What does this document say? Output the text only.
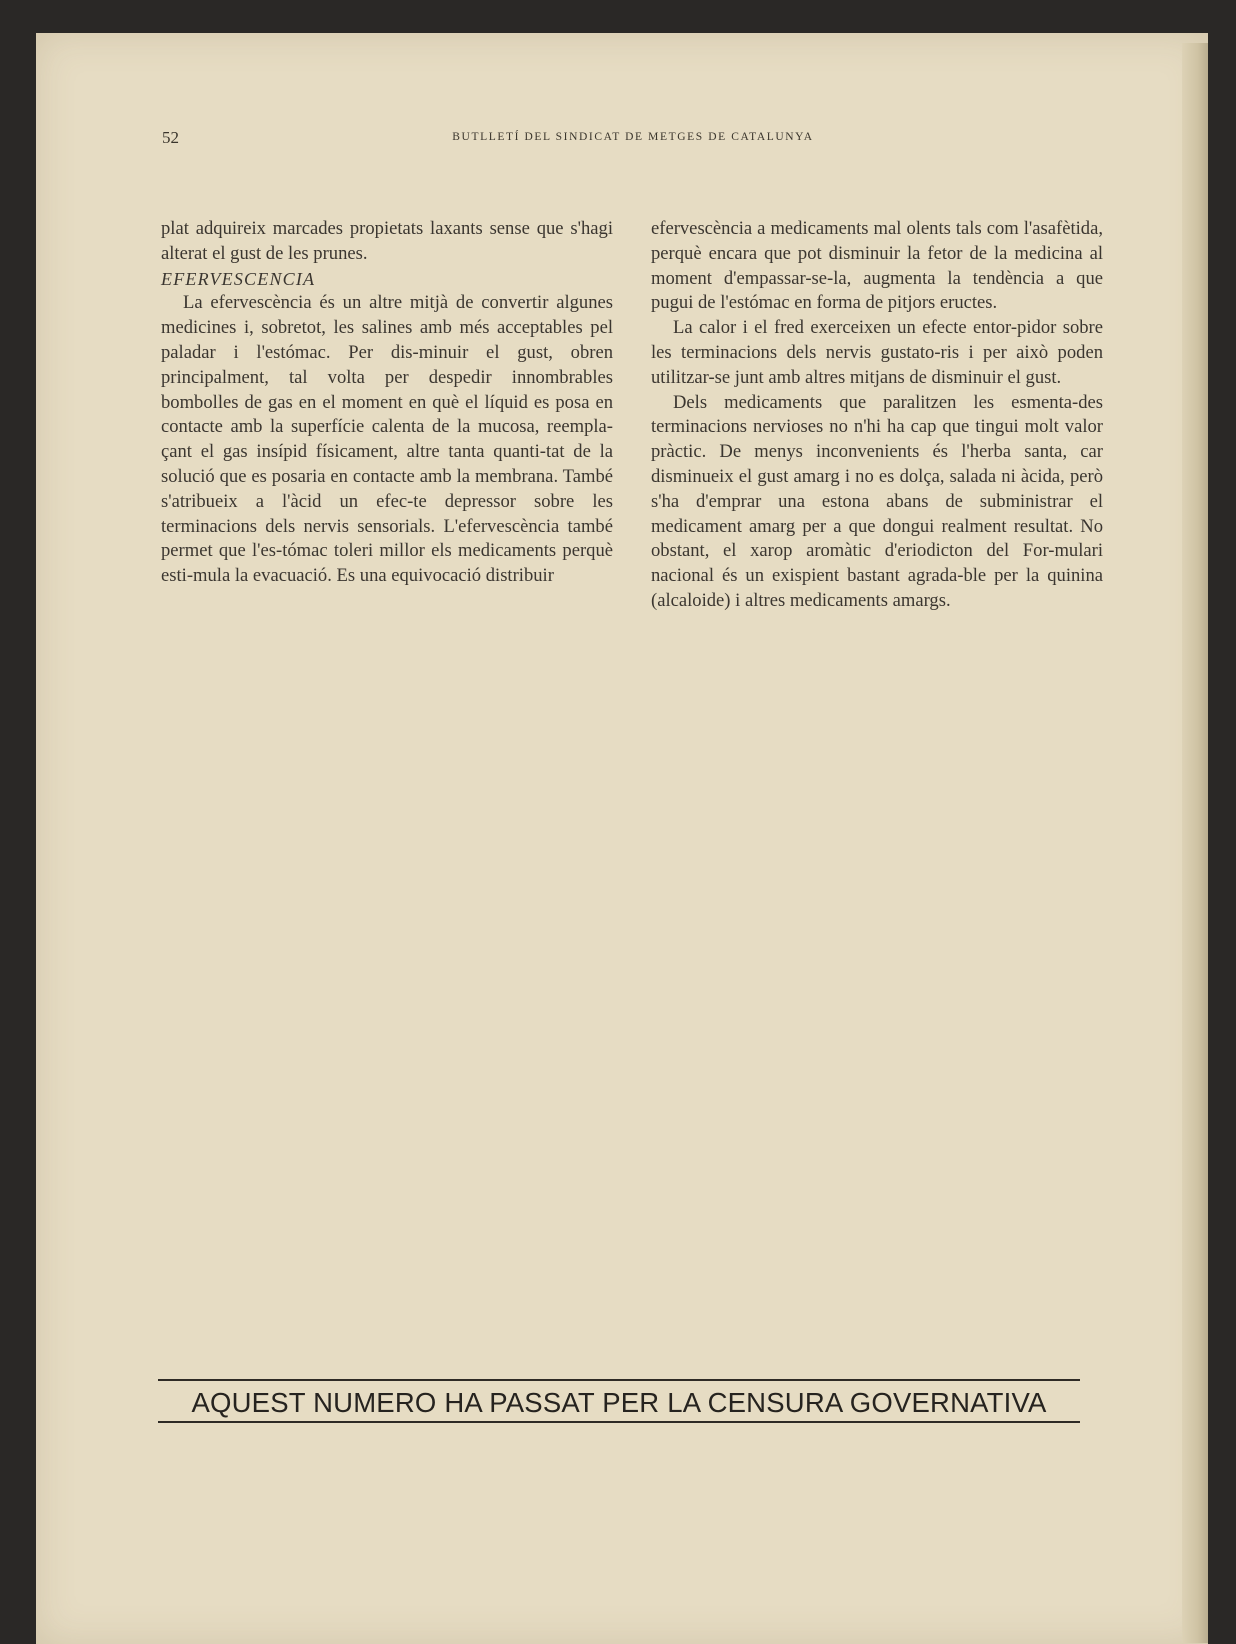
52	BUTLLETÍ DEL SINDICAT DE METGES DE CATALUNYA

plat adquireix marcades propietats laxants sense que s'hagi alterat el gust de les prunes.

EFERVESCENCIA

La efervescència és un altre mitjà de convertir algunes medicines i, sobretot, les salines amb més acceptables pel paladar i l'estómac. Per dis-minuir el gust, obren principalment, tal volta per despedir innombrables bombolles de gas en el moment en què el líquid es posa en contacte amb la superfície calenta de la mucosa, reempla-çant el gas insípid físicament, altre tanta quanti-tat de la solució que es posaria en contacte amb la membrana. També s'atribueix a l'àcid un efec-te depressor sobre les terminacions dels nervis sensorials. L'efervescència també permet que l'es-tómac toleri millor els medicaments perquè esti-mula la evacuació. Es una equivocació distribuir

efervescència a medicaments mal olents tals com l'asafètida, perquè encara que pot disminuir la fetor de la medicina al moment d'empassar-se-la, augmenta la tendència a que pugui de l'estómac en forma de pitjors eructes.

La calor i el fred exerceixen un efecte entor-pidor sobre les terminacions dels nervis gustato-ris i per això poden utilitzar-se junt amb altres mitjans de disminuir el gust.

Dels medicaments que paralitzen les esmenta-des terminacions nervioses no n'hi ha cap que tingui molt valor pràctic. De menys inconvenients és l'herba santa, car disminueix el gust amarg i no es dolça, salada ni àcida, però s'ha d'emprar una estona abans de subministrar el medicament amarg per a que dongui realment resultat. No obstant, el xarop aromàtic d'eriodicton del For-mulari nacional és un exispient bastant agrada-ble per la quinina (alcaloide) i altres medicaments amargs.

AQUEST NUMERO HA PASSAT PER LA CENSURA GOVERNATIVA
